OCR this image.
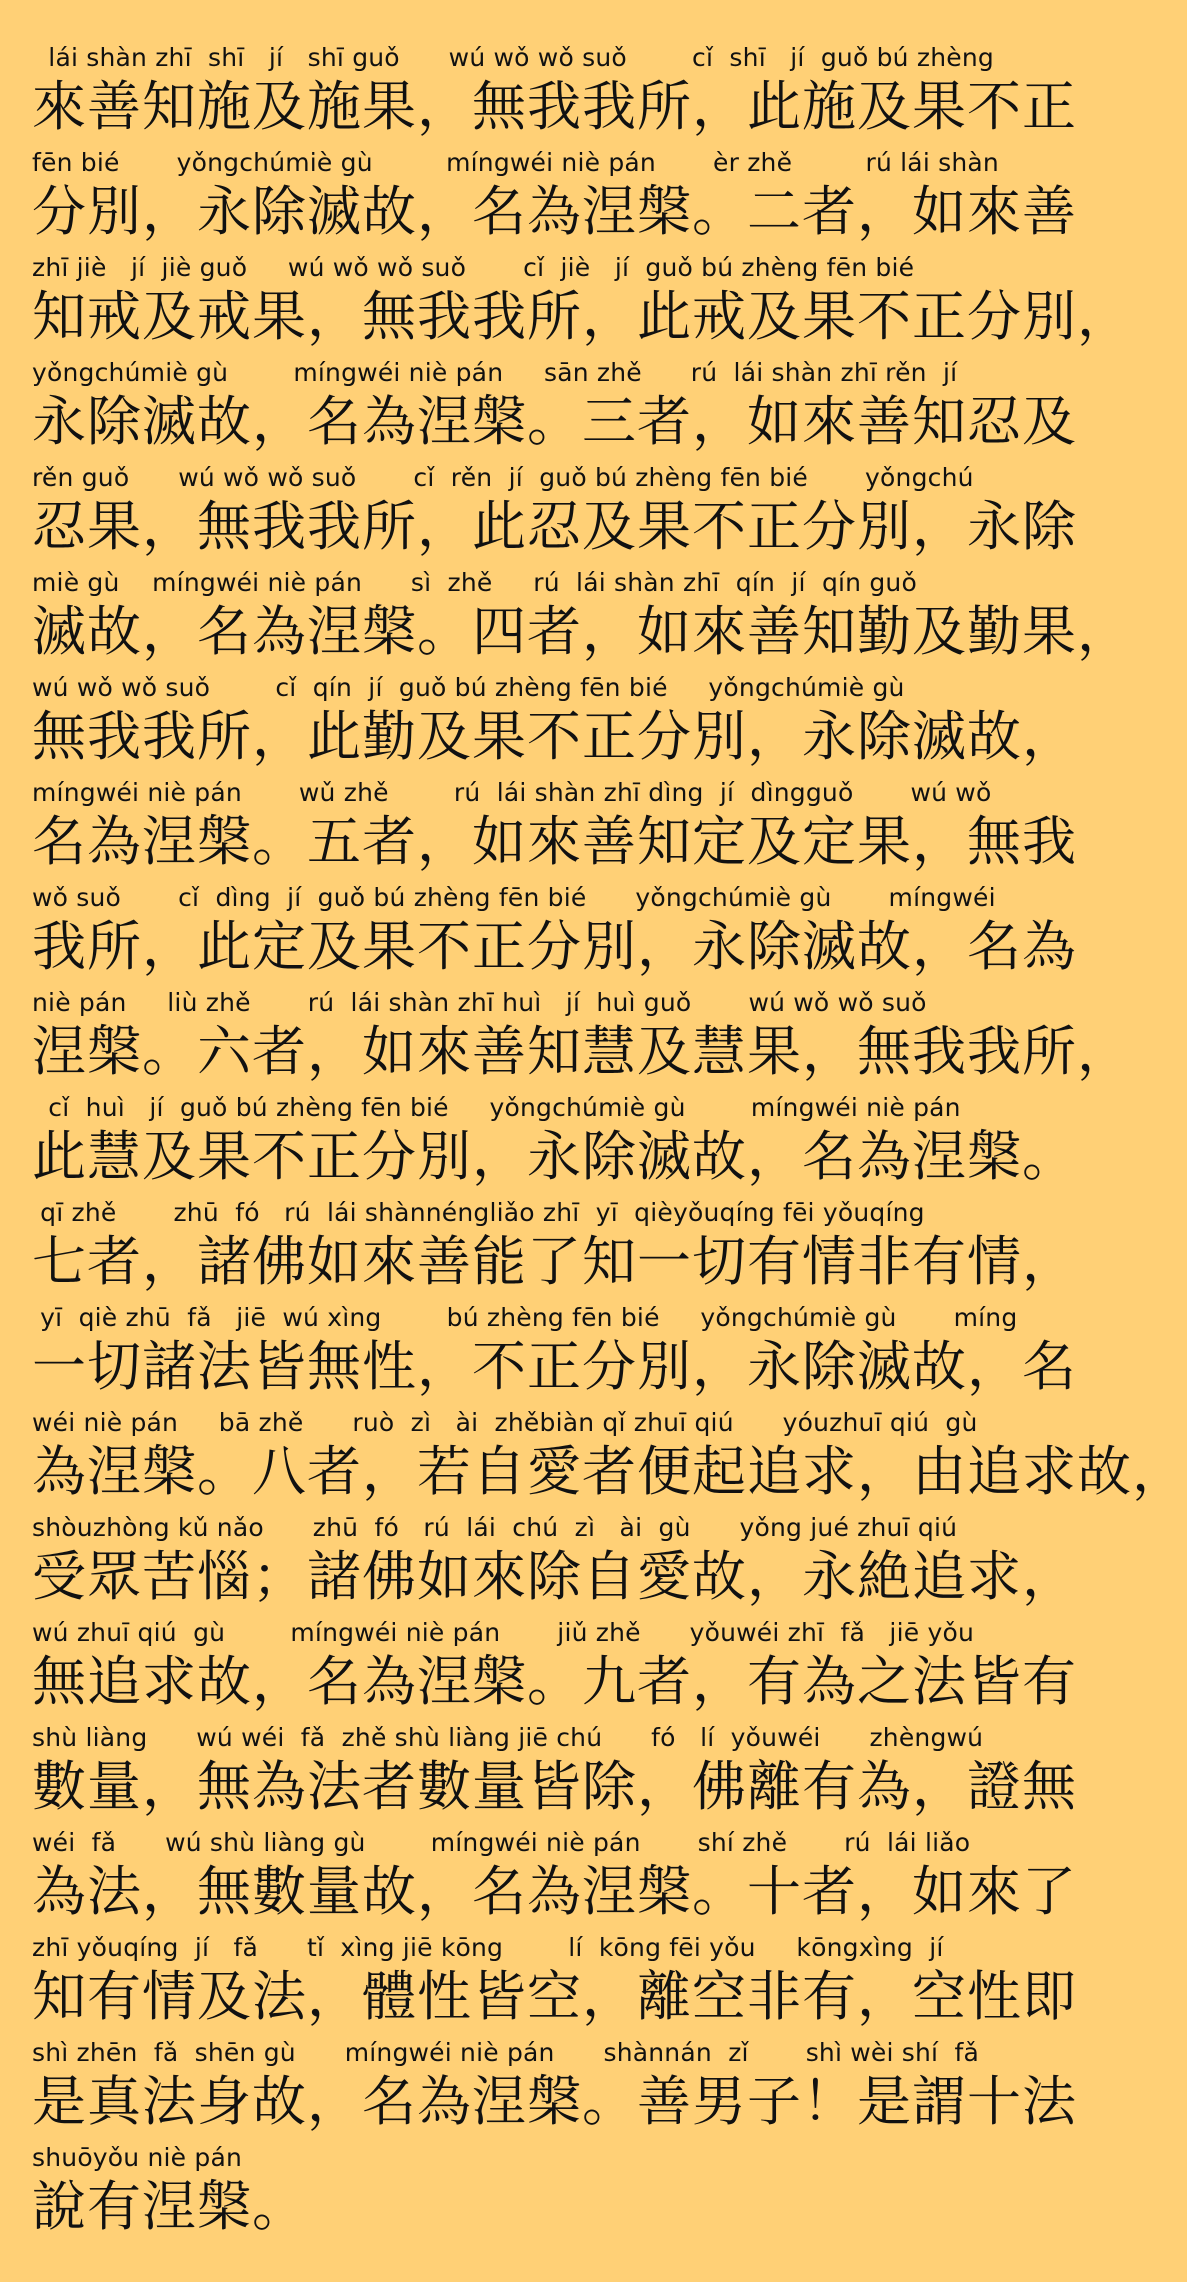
lái shàn zhī  shī   jí   shī guǒ      wú wǒ wǒ suǒ        cǐ  shī   jí  guǒ bú zhèng
來善知施及施果，無我我所，此施及果不正
fēn bié       yǒngchúmiè gù         míngwéi niè pán       èr zhě         rú lái shàn
分別，永除滅故，名為涅槃。二者，如來善
zhī jiè   jí  jiè guǒ     wú wǒ wǒ suǒ       cǐ  jiè   jí  guǒ bú zhèng fēn bié
知戒及戒果，無我我所，此戒及果不正分別，
yǒngchúmiè gù        míngwéi niè pán     sān zhě      rú  lái shàn zhī rěn  jí
永除滅故，名為涅槃。三者，如來善知忍及
rěn guǒ      wú wǒ wǒ suǒ       cǐ  rěn  jí  guǒ bú zhèng fēn bié       yǒngchú
忍果，無我我所，此忍及果不正分別，永除
miè gù    míngwéi niè pán      sì  zhě     rú  lái shàn zhī  qín  jí  qín guǒ
滅故，名為涅槃。四者，如來善知勤及勤果，
wú wǒ wǒ suǒ        cǐ  qín  jí  guǒ bú zhèng fēn bié     yǒngchúmiè gù
無我我所，此勤及果不正分別，永除滅故，
míngwéi niè pán       wǔ zhě        rú  lái shàn zhī dìng  jí  dìngguǒ       wú wǒ
名為涅槃。五者，如來善知定及定果，無我
wǒ suǒ       cǐ  dìng  jí  guǒ bú zhèng fēn bié      yǒngchúmiè gù       míngwéi
我所，此定及果不正分別，永除滅故，名為
niè pán     liù zhě       rú  lái shàn zhī huì   jí  huì guǒ       wú wǒ wǒ suǒ
涅槃。六者，如來善知慧及慧果，無我我所，
cǐ  huì   jí  guǒ bú zhèng fēn bié     yǒngchúmiè gù        míngwéi niè pán
此慧及果不正分別，永除滅故，名為涅槃。
qī zhě       zhū  fó   rú  lái shànnéngliǎo zhī  yī  qièyǒuqíng fēi yǒuqíng
七者，諸佛如來善能了知一切有情非有情，
yī  qiè zhū  fǎ   jiē  wú xìng        bú zhèng fēn bié     yǒngchúmiè gù       míng
一切諸法皆無性，不正分別，永除滅故，名
wéi niè pán     bā zhě      ruò  zì   ài  zhěbiàn qǐ zhuī qiú      yóuzhuī qiú  gù
為涅槃。八者，若自愛者便起追求，由追求故，
shòuzhòng kǔ nǎo      zhū  fó   rú  lái  chú  zì   ài  gù      yǒng jué zhuī qiú
受眾苦惱；諸佛如來除自愛故，永絶追求，
wú zhuī qiú  gù        míngwéi niè pán       jiǔ zhě      yǒuwéi zhī  fǎ   jiē yǒu
無追求故，名為涅槃。九者，有為之法皆有
shù liàng      wú wéi  fǎ  zhě shù liàng jiē chú      fó   lí  yǒuwéi      zhèngwú
數量，無為法者數量皆除，佛離有為，證無
wéi  fǎ      wú shù liàng gù        míngwéi niè pán       shí zhě       rú  lái liǎo
為法，無數量故，名為涅槃。十者，如來了
zhī yǒuqíng  jí   fǎ      tǐ  xìng jiē kōng        lí  kōng fēi yǒu     kōngxìng  jí
知有情及法，體性皆空，離空非有，空性即
shì zhēn  fǎ  shēn gù      míngwéi niè pán      shànnán  zǐ       shì wèi shí  fǎ
是真法身故，名為涅槃。善男子！是謂十法
shuōyǒu niè pán
說有涅槃。
